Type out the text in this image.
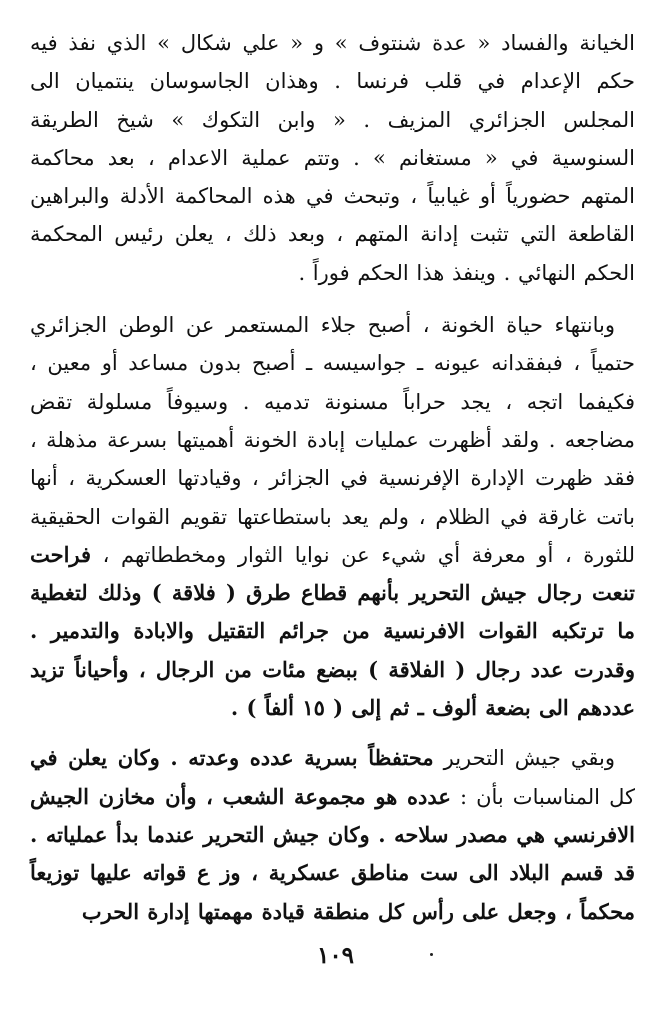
الخيانة والفساد « عدة شنتوف » و « علي شكال » الذي نفذ فيه حكم الإعدام في قلب فرنسا . وهذان الجاسوسان ينتميان الى المجلس الجزائري المزيف . « وابن التكوك » شيخ الطريقة السنوسية في « مستغانم » . وتتم عملية الاعدام ، بعد محاكمة المتهم حضورياً أو غيابياً ، وتبحث في هذه المحاكمة الأدلة والبراهين القاطعة التي تثبت إدانة المتهم ، وبعد ذلك ، يعلن رئيس المحكمة الحكم النهائي . وينفذ هذا الحكم فوراً .

وبانتهاء حياة الخونة ، أصبح جلاء المستعمر عن الوطن الجزائري حتمياً ، فبفقدانه عيونه ـ جواسيسه ـ أصبح بدون مساعد أو معين ، فكيفما اتجه ، يجد حراباً مسنونة تدميه . وسيوفاً مسلولة تقض مضاجعه . ولقد أظهرت عمليات إبادة الخونة أهميتها بسرعة مذهلة ، فقد ظهرت الإدارة الإفرنسية في الجزائر ، وقيادتها العسكرية ، أنها باتت غارقة في الظلام ، ولم يعد باستطاعتها تقويم القوات الحقيقية للثورة ، أو معرفة أي شيء عن نوايا الثوار ومخططاتهم ، فراحت تنعت رجال جيش التحرير بأنهم قطاع طرق ( فلاقة ) وذلك لتغطية ما ترتكبه القوات الافرنسية من جرائم التقتيل والابادة والتدمير . وقدرت عدد رجال ( الفلاقة ) ببضع مئات من الرجال ، وأحياناً تزيد عددهم الى بضعة ألوف ـ ثم إلى ( ١٥ ألفاً ) .

وبقي جيش التحرير محتفظاً بسرية عدده وعدته . وكان يعلن في كل المناسبات بأن : عدده هو مجموعة الشعب ، وأن مخازن الجيش الافرنسي هي مصدر سلاحه . وكان جيش التحرير عندما بدأ عملياته . قد قسم البلاد الى ست مناطق عسكرية ، وز ع قواته عليها توزيعاً محكماً ، وجعل على رأس كل منطقة قيادة مهمتها إدارة الحرب

١٠٩
